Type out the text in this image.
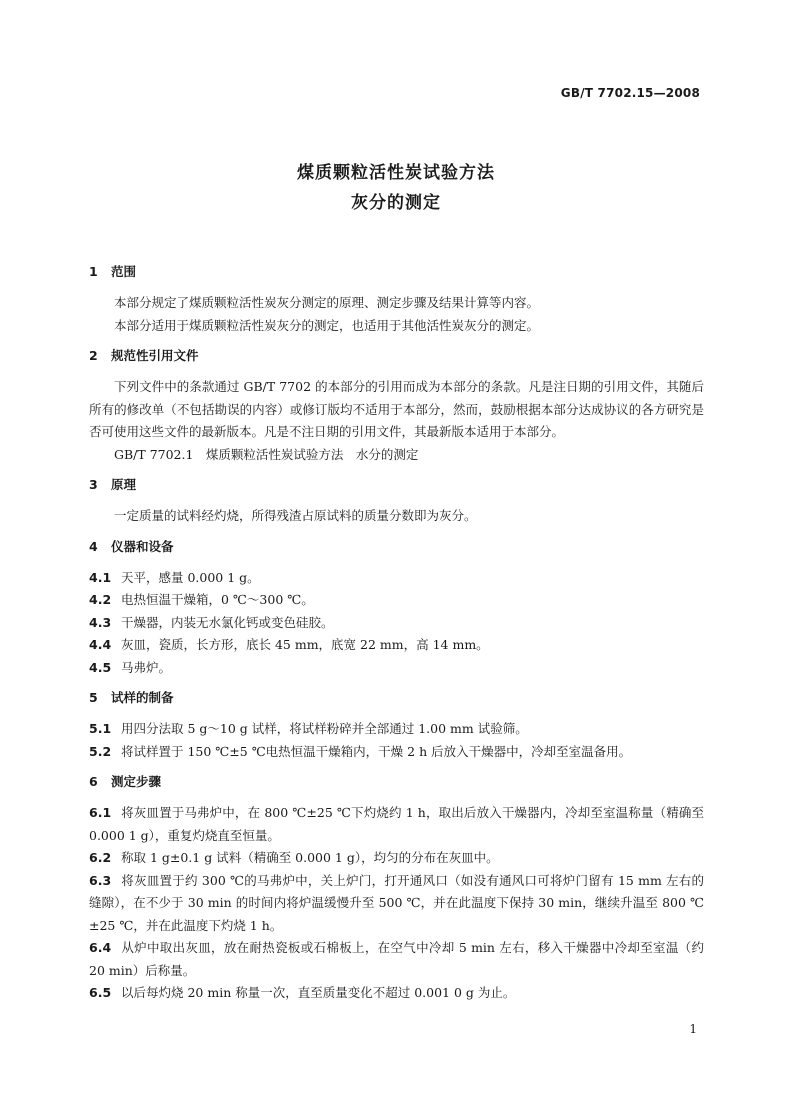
GB/T 7702.15—2008
煤质颗粒活性炭试验方法
灰分的测定
1 范围

本部分规定了煤质颗粒活性炭灰分测定的原理、测定步骤及结果计算等内容。

本部分适用于煤质颗粒活性炭灰分的测定，也适用于其他活性炭灰分的测定。

2 规范性引用文件

下列文件中的条款通过 GB/T 7702 的本部分的引用而成为本部分的条款。凡是注日期的引用文件，其随后所有的修改单（不包括勘误的内容）或修订版均不适用于本部分，然而，鼓励根据本部分达成协议的各方研究是否可使用这些文件的最新版本。凡是不注日期的引用文件，其最新版本适用于本部分。

GB/T 7702.1　煤质颗粒活性炭试验方法　水分的测定

3 原理

一定质量的试料经灼烧，所得残渣占原试料的质量分数即为灰分。

4 仪器和设备

4.1 天平，感量 0.000 1 g。

4.2 电热恒温干燥箱，0 ℃～300 ℃。

4.3 干燥器，内装无水氯化钙或变色硅胶。

4.4 灰皿，瓷质，长方形，底长 45 mm，底宽 22 mm，高 14 mm。

4.5 马弗炉。

5 试样的制备

5.1 用四分法取 5 g～10 g 试样，将试样粉碎并全部通过 1.00 mm 试验筛。

5.2 将试样置于 150 ℃±5 ℃电热恒温干燥箱内，干燥 2 h 后放入干燥器中，冷却至室温备用。

6 测定步骤

6.1 将灰皿置于马弗炉中，在 800 ℃±25 ℃下灼烧约 1 h，取出后放入干燥器内，冷却至室温称量（精确至 0.000 1 g），重复灼烧直至恒量。

6.2 称取 1 g±0.1 g 试料（精确至 0.000 1 g），均匀的分布在灰皿中。

6.3 将灰皿置于约 300 ℃的马弗炉中，关上炉门，打开通风口（如没有通风口可将炉门留有 15 mm 左右的缝隙），在不少于 30 min 的时间内将炉温缓慢升至 500 ℃，并在此温度下保持 30 min，继续升温至 800 ℃±25 ℃，并在此温度下灼烧 1 h。

6.4 从炉中取出灰皿，放在耐热瓷板或石棉板上，在空气中冷却 5 min 左右，移入干燥器中冷却至室温（约 20 min）后称量。

6.5 以后每灼烧 20 min 称量一次，直至质量变化不超过 0.001 0 g 为止。

1
